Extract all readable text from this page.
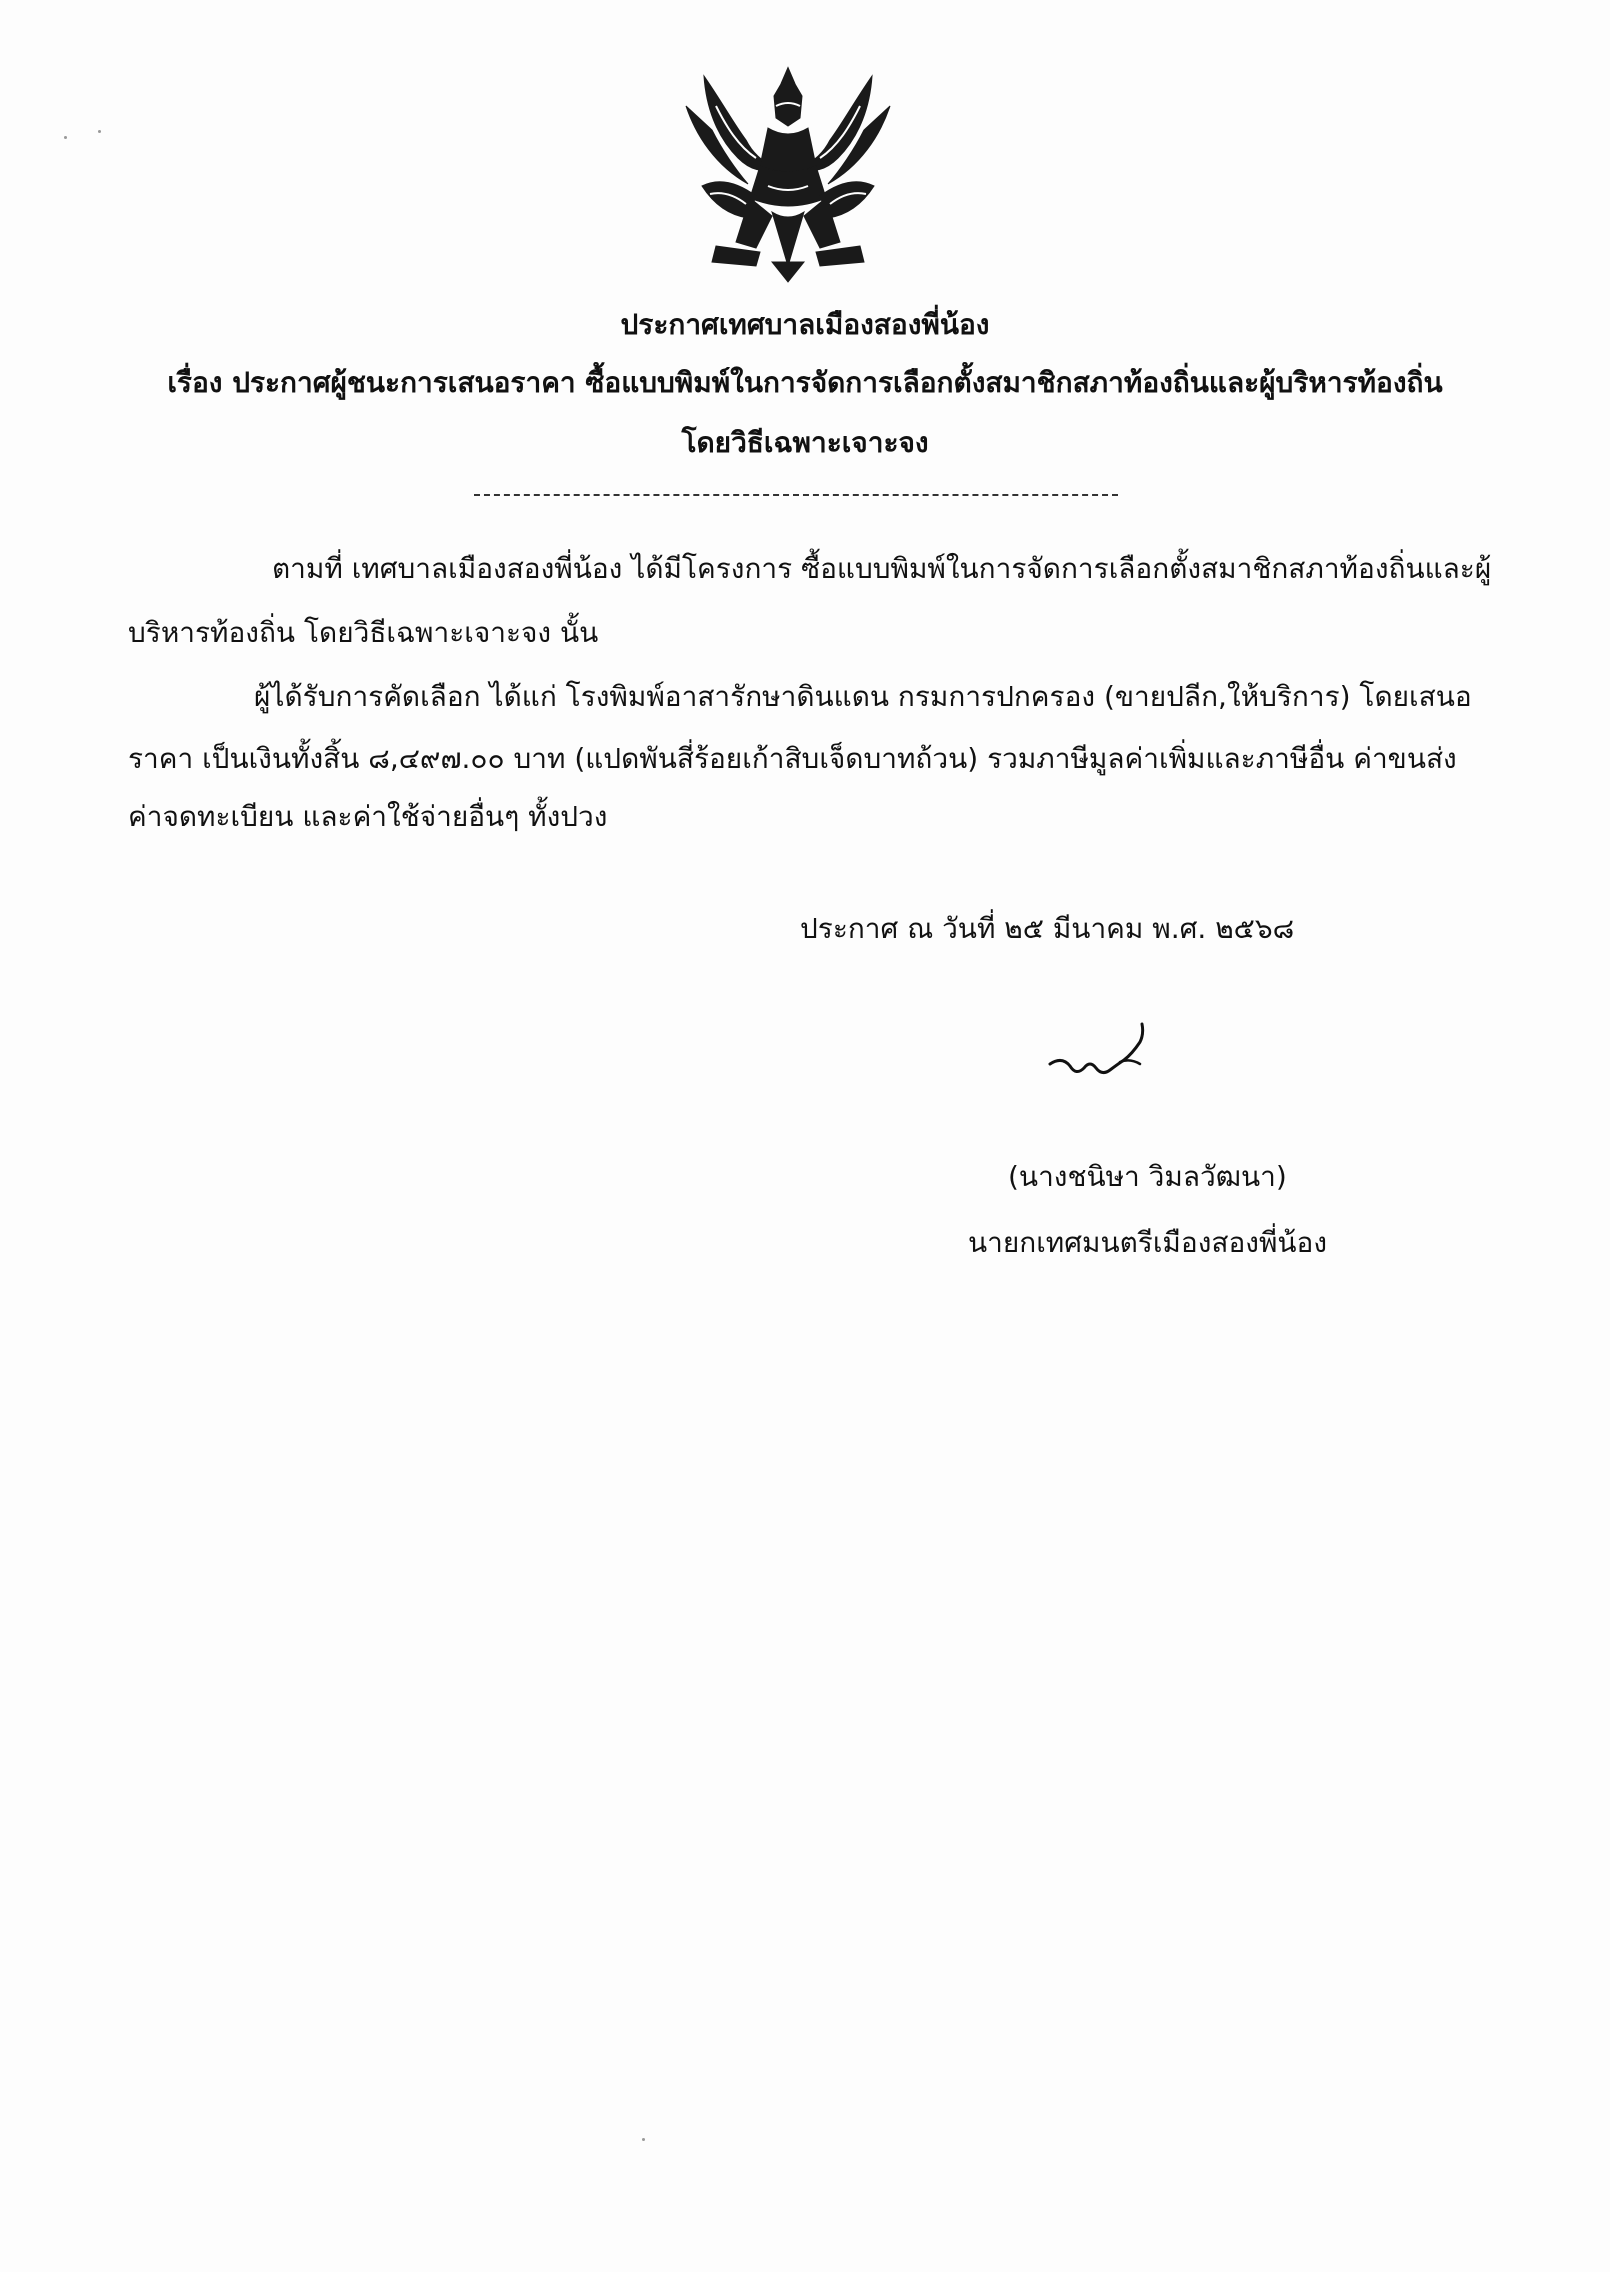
ประกาศเทศบาลเมืองสองพี่น้อง
เรื่อง ประกาศผู้ชนะการเสนอราคา ซื้อแบบพิมพ์ในการจัดการเลือกตั้งสมาชิกสภาท้องถิ่นและผู้บริหารท้องถิ่น
โดยวิธีเฉพาะเจาะจง
ตามที่ เทศบาลเมืองสองพี่น้อง ได้มีโครงการ ซื้อแบบพิมพ์ในการจัดการเลือกตั้งสมาชิกสภาท้องถิ่นและผู้
บริหารท้องถิ่น โดยวิธีเฉพาะเจาะจง นั้น
ผู้ได้รับการคัดเลือก ได้แก่ โรงพิมพ์อาสารักษาดินแดน กรมการปกครอง (ขายปลีก,ให้บริการ) โดยเสนอ
ราคา เป็นเงินทั้งสิ้น ๘,๔๙๗.๐๐ บาท (แปดพันสี่ร้อยเก้าสิบเจ็ดบาทถ้วน) รวมภาษีมูลค่าเพิ่มและภาษีอื่น ค่าขนส่ง
ค่าจดทะเบียน และค่าใช้จ่ายอื่นๆ ทั้งปวง
ประกาศ ณ วันที่ ๒๕ มีนาคม พ.ศ. ๒๕๖๘
(นางชนิษา วิมลวัฒนา)
นายกเทศมนตรีเมืองสองพี่น้อง
